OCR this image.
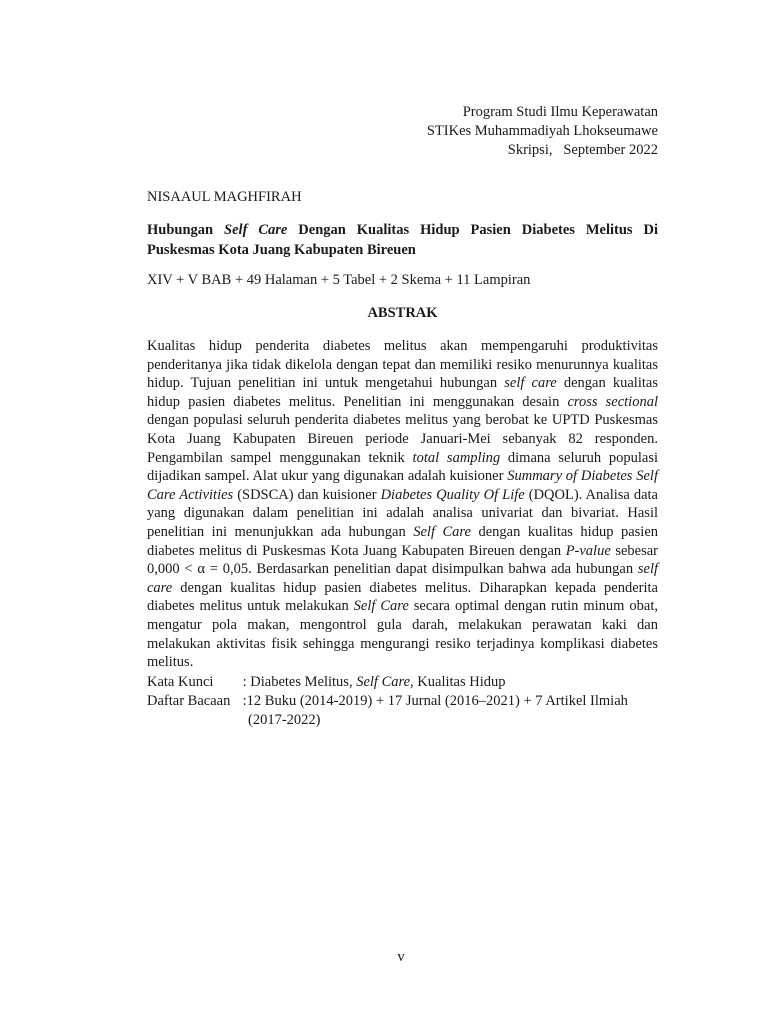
Program Studi Ilmu Keperawatan
STIKes Muhammadiyah Lhokseumawe
Skripsi,   September 2022
NISAAUL MAGHFIRAH
Hubungan Self Care Dengan Kualitas Hidup Pasien Diabetes Melitus Di Puskesmas Kota Juang Kabupaten Bireuen
XIV + V BAB + 49 Halaman + 5 Tabel + 2 Skema + 11 Lampiran
ABSTRAK
Kualitas hidup penderita diabetes melitus akan mempengaruhi produktivitas penderitanya jika tidak dikelola dengan tepat dan memiliki resiko menurunnya kualitas hidup. Tujuan penelitian ini untuk mengetahui hubungan self care dengan kualitas hidup pasien diabetes melitus. Penelitian ini menggunakan desain cross sectional dengan populasi seluruh penderita diabetes melitus yang berobat ke UPTD Puskesmas Kota Juang Kabupaten Bireuen periode Januari-Mei sebanyak 82 responden. Pengambilan sampel menggunakan teknik total sampling dimana seluruh populasi dijadikan sampel. Alat ukur yang digunakan adalah kuisioner Summary of Diabetes Self Care Activities (SDSCA) dan kuisioner Diabetes Quality Of Life (DQOL). Analisa data yang digunakan dalam penelitian ini adalah analisa univariat dan bivariat. Hasil penelitian ini menunjukkan ada hubungan Self Care dengan kualitas hidup pasien diabetes melitus di Puskesmas Kota Juang Kabupaten Bireuen dengan P-value sebesar 0,000 < α = 0,05. Berdasarkan penelitian dapat disimpulkan bahwa ada hubungan self care dengan kualitas hidup pasien diabetes melitus. Diharapkan kepada penderita diabetes melitus untuk melakukan Self Care secara optimal dengan rutin minum obat, mengatur pola makan, mengontrol gula darah, melakukan perawatan kaki dan melakukan aktivitas fisik sehingga mengurangi resiko terjadinya komplikasi diabetes melitus.
Kata Kunci	: Diabetes Melitus, Self Care, Kualitas Hidup
Daftar Bacaan : 12 Buku (2014-2019) + 17 Jurnal (2016–2021) + 7 Artikel Ilmiah
(2017-2022)
v
